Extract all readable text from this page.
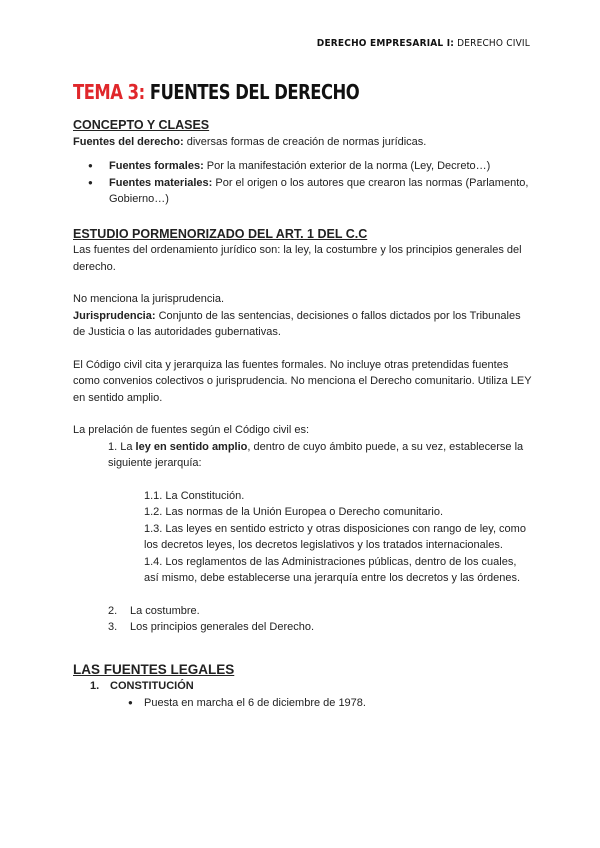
DERECHO EMPRESARIAL I: DERECHO CIVIL
TEMA 3: FUENTES DEL DERECHO

CONCEPTO Y CLASES

Fuentes del derecho: diversas formas de creación de normas jurídicas.

● Fuentes formales: Por la manifestación exterior de la norma (Ley, Decreto…)
● Fuentes materiales: Por el origen o los autores que crearon las normas (Parlamento, Gobierno…)

ESTUDIO PORMENORIZADO DEL ART. 1 DEL C.C

Las fuentes del ordenamiento jurídico son: la ley, la costumbre y los principios generales del derecho.

No menciona la jurisprudencia.

Jurisprudencia: Conjunto de las sentencias, decisiones o fallos dictados por los Tribunales de Justicia o las autoridades gubernativas.

El Código civil cita y jerarquiza las fuentes formales. No incluye otras pretendidas fuentes como convenios colectivos o jurisprudencia. No menciona el Derecho comunitario. Utiliza LEY en sentido amplio.

La prelación de fuentes según el Código civil es:

1. La ley en sentido amplio, dentro de cuyo ámbito puede, a su vez, establecerse la siguiente jerarquía:

1.1. La Constitución.

1.2. Las normas de la Unión Europea o Derecho comunitario.

1.3. Las leyes en sentido estricto y otras disposiciones con rango de ley, como los decretos leyes, los decretos legislativos y los tratados internacionales.

1.4. Los reglamentos de las Administraciones públicas, dentro de los cuales, así mismo, debe establecerse una jerarquía entre los decretos y las órdenes.

2. La costumbre.

3. Los principios generales del Derecho.

LAS FUENTES LEGALES

1. CONSTITUCIÓN

● Puesta en marcha el 6 de diciembre de 1978.
